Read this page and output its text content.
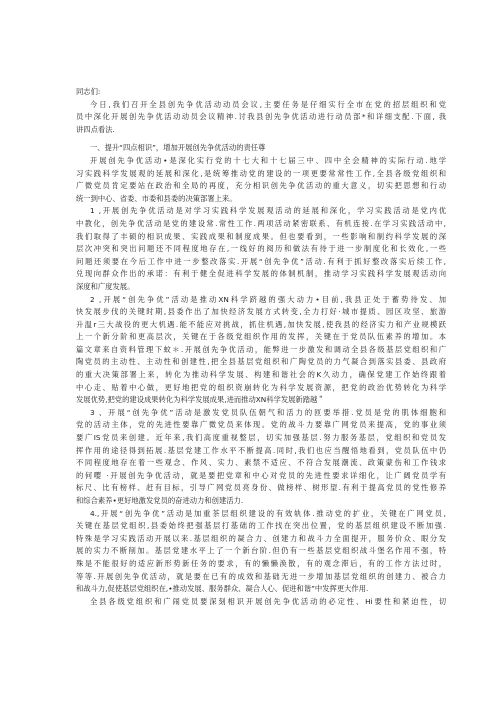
同志们:
今日,我们召开全县创先争优活动动员会议,主要任务是仔细实行全市在党的招层组织和党
员中深化开展创先争优活动动员会议精神.讨我县创先争优活动进行动员部*和详细支配.下面, 我
讲四点看法.
一、提升“四点相识”，增加开展创先争优活动的责任尊
开展创先争优活动•是深化实行党的十七大和十七届三中、四中全会精神的实际行动.地学
习实践科学发展观的延展和深化,是统筹推动党的建设的一项更要常常性工作,全县各级党组织和
广微党员肯定要站在政治和全局的再度，充分相识创先争优活动的重大意义，切实把思想和行动
统一到中心、省委、市委和县委的决策部署上来。
1 ,开展创先争优活动是对学习实践科学发展观活动的延展和深化，学习实践活动是党内优
中教化，创先争优活动是党的建设常.常性工作.两项活动紧密联系、有机连接.在学习实践活动中,
我们取得了丰硕的相识成果、实践成果和制度成果。但也要看到，一些影响和制约科学发展的深
层次冲突和突出问题还不同程度地存在,一线好的阅历和做法有待于进一步制度化和长效化,一些
问题还须要在今后工作中进一步整改落实.开展“创先争优”活动.有利于抓好整改落实后续工作,
兑现向群众作出的承诺：有利于健全促进科学发展的体制机制，推动学习实践科学发展观活动向
深度和广度发展。
2 ,开展“创先争优”活动是推动XN科学跻越的强大动力•目前,我县正处于蓄势待发、加
快发展步伐的关键时期,县委作出了加快经济发展方式转变,全力打好·城市提质、园区攻坚、旅游
升温r三大战役的更大机遇.能不能应对挑战，抓住机遇,加快发展,使我县的经济实力和产业规模跃
上一个新分阶和更高层次，关键在于各级党组织作用的发挥，关键在于党员队伍素养的增加。本
篇文章来自资料管理下蚊＊.开展创先争优活动，能弊进一步激发和调动全县各级基层党组织和广
陶党员的主动性、主动性和创建性,把全县基层党组织和广陶党员的力气凝合到落实县委、县政府
的重大决策部署上来，转化为推动科学发展、构建和谐社会的K久动力，确保党建工作始终跟着
中心走、贴着中心做，更好地把党的组织资崩转化为科学发展资源，把党的政治优势转化为科学
发展优势,把党的建设成果转化为科学发展成果,进而推动XN科学发展新踏越＂
3 、开展“创先争优”活动是激发党员队伍朝气和活力的匝要举措.党员是党的肌体细胞和
党的活动主体，党的先进性要靠广微党员来体现。党的战斗力要靠广网党员来提高，党的事业须
要广IS党员来创建。近年来,我们高度重视整层，切实加强基层.努力服务基层，党组织和党员发
挥作用的途径得到拓展.基层党建工作水平不断提高.同时,我们也应当醒悟地看到，党员队伍中仍
不同程度地存在着一些观念、作风、实力、素禁不适应、不符合发展潮流、政策蒙伤和工作钱求
的何嘤 ·开展创先争优活动，就是要把党章和中心对党员的先进性要求详细化，让广阔党员学有
标尺、比有榜样、赶有目标，引导广网党员亮身份、做榜样、树形望.有利于提高党员的党性修养
和综合素养•更好地激发党员的奋进动力和创建活力.
4.,开展“创先争优”活动是加重茶层组织建设的有效轨体.推动党的扩业，关键在广网党员,
关键在基层党组织,县委始终把强基层打基础的工作找在突出位置，党的基层组织建设不断加强.
特殊是学习实践活动开展以来.基层组织的凝合力、创建力和战斗力全面提开，服务价众、眼分发
展的实力不断削加。基层党建水平上了一个新台阶.但仍有一些基层党组织战斗堡名作用不强，特
殊是不能很好的适应新形势新任务的要求，有的懒懒涣散，有的观念滞后，有的工作方法过时，
等等.开展创先争优活动，就是要在已有的成效和基础无进一步增加基层党组织的创建力、被合力
和战斗力,促使基层党组织在,•推动发展、服务群众、凝合人心、促进和谐”中发挥更大作用.
全县各级党组织和广闹党员要深刻相识开展创先争优活动的必定性、Hi要性和紧迫性，切
